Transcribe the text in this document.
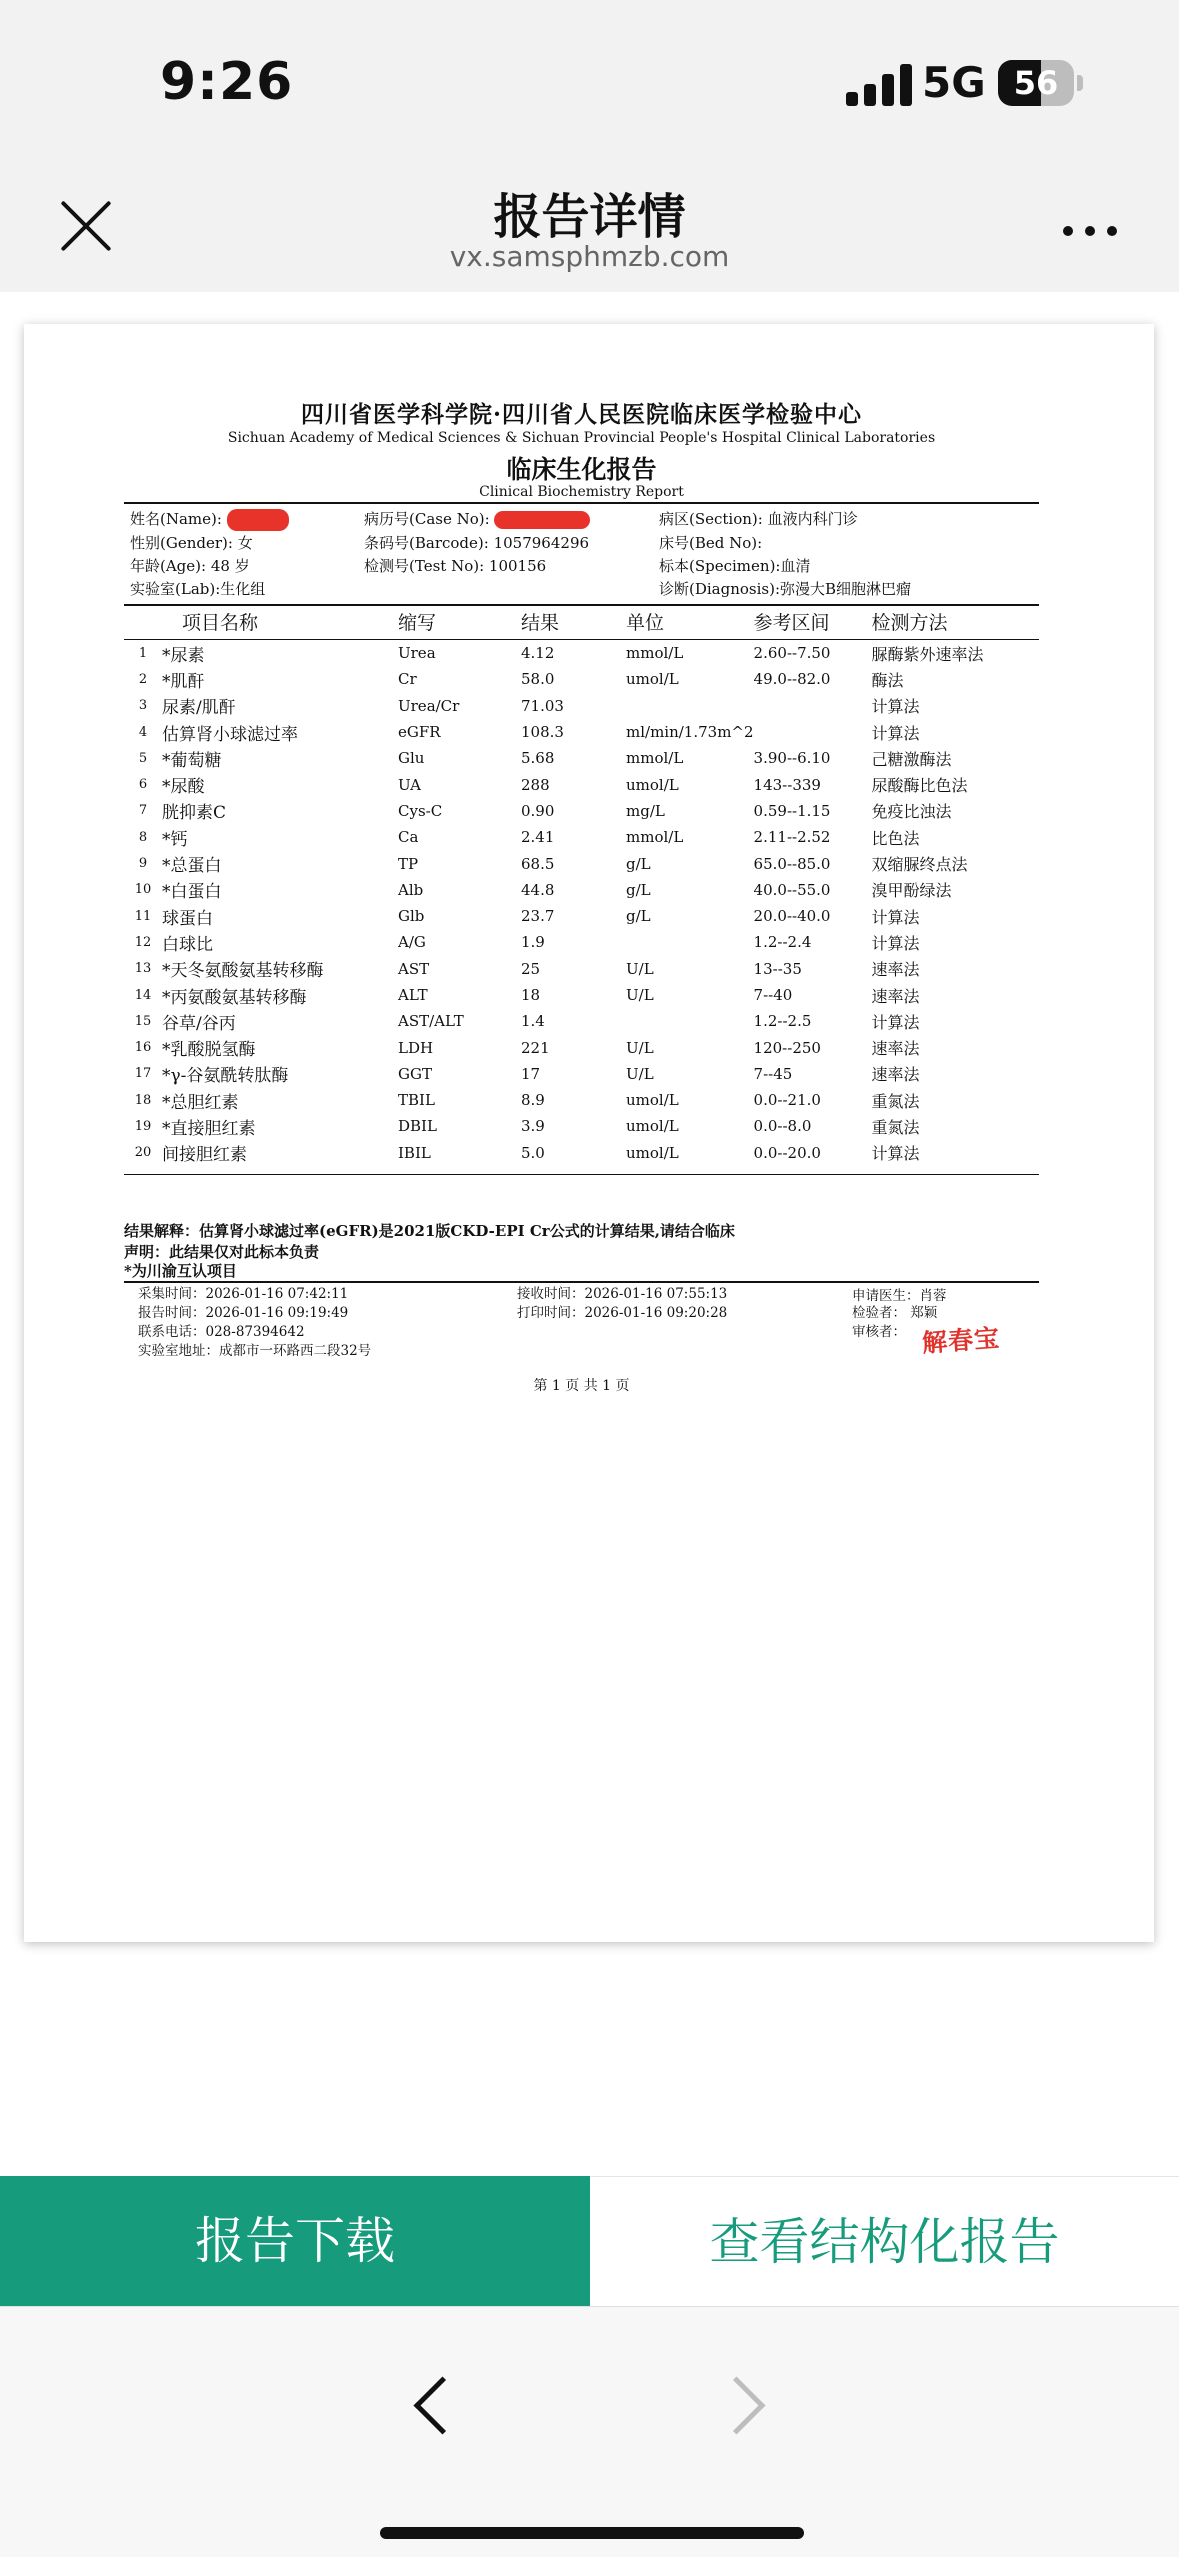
9:26	5G 56
报告详情
vx.samsphmzb.com
四川省医学科学院·四川省人民医院临床医学检验中心
Sichuan Academy of Medical Sciences & Sichuan Provincial People's Hospital Clinical Laboratories
临床生化报告
Clinical Biochemistry Report
姓名(Name):	病历号(Case No):	病区(Section): 血液内科门诊
性别(Gender): 女	条码号(Barcode): 1057964296	床号(Bed No):
年龄(Age): 48 岁	检测号(Test No): 100156	标本(Specimen):血清
实验室(Lab):生化组	诊断(Diagnosis):弥漫大B细胞淋巴瘤
	项目名称	缩写	结果	单位	参考区间	检测方法
1	*尿素	Urea	4.12	mmol/L	2.60--7.50	脲酶紫外速率法
2	*肌酐	Cr	58.0	umol/L	49.0--82.0	酶法
3	尿素/肌酐	Urea/Cr	71.03			计算法
4	估算肾小球滤过率	eGFR	108.3	ml/min/1.73m^2		计算法
5	*葡萄糖	Glu	5.68	mmol/L	3.90--6.10	己糖激酶法
6	*尿酸	UA	288	umol/L	143--339	尿酸酶比色法
7	胱抑素C	Cys-C	0.90	mg/L	0.59--1.15	免疫比浊法
8	*钙	Ca	2.41	mmol/L	2.11--2.52	比色法
9	*总蛋白	TP	68.5	g/L	65.0--85.0	双缩脲终点法
10	*白蛋白	Alb	44.8	g/L	40.0--55.0	溴甲酚绿法
11	球蛋白	Glb	23.7	g/L	20.0--40.0	计算法
12	白球比	A/G	1.9		1.2--2.4	计算法
13	*天冬氨酸氨基转移酶	AST	25	U/L	13--35	速率法
14	*丙氨酸氨基转移酶	ALT	18	U/L	7--40	速率法
15	谷草/谷丙	AST/ALT	1.4		1.2--2.5	计算法
16	*乳酸脱氢酶	LDH	221	U/L	120--250	速率法
17	*γ-谷氨酰转肽酶	GGT	17	U/L	7--45	速率法
18	*总胆红素	TBIL	8.9	umol/L	0.0--21.0	重氮法
19	*直接胆红素	DBIL	3.9	umol/L	0.0--8.0	重氮法
20	间接胆红素	IBIL	5.0	umol/L	0.0--20.0	计算法
结果解释：估算肾小球滤过率(eGFR)是2021版CKD-EPI Cr公式的计算结果,请结合临床
声明：此结果仅对此标本负责
*为川渝互认项目
采集时间：2026-01-16 07:42:11	接收时间：2026-01-16 07:55:13	申请医生：肖蓉
报告时间：2026-01-16 09:19:49	打印时间：2026-01-16 09:20:28	检验者： 郑颖
联系电话：028-87394642	审核者： 解春宝
实验室地址：成都市一环路西二段32号
第 1 页 共 1 页
报告下载	查看结构化报告
